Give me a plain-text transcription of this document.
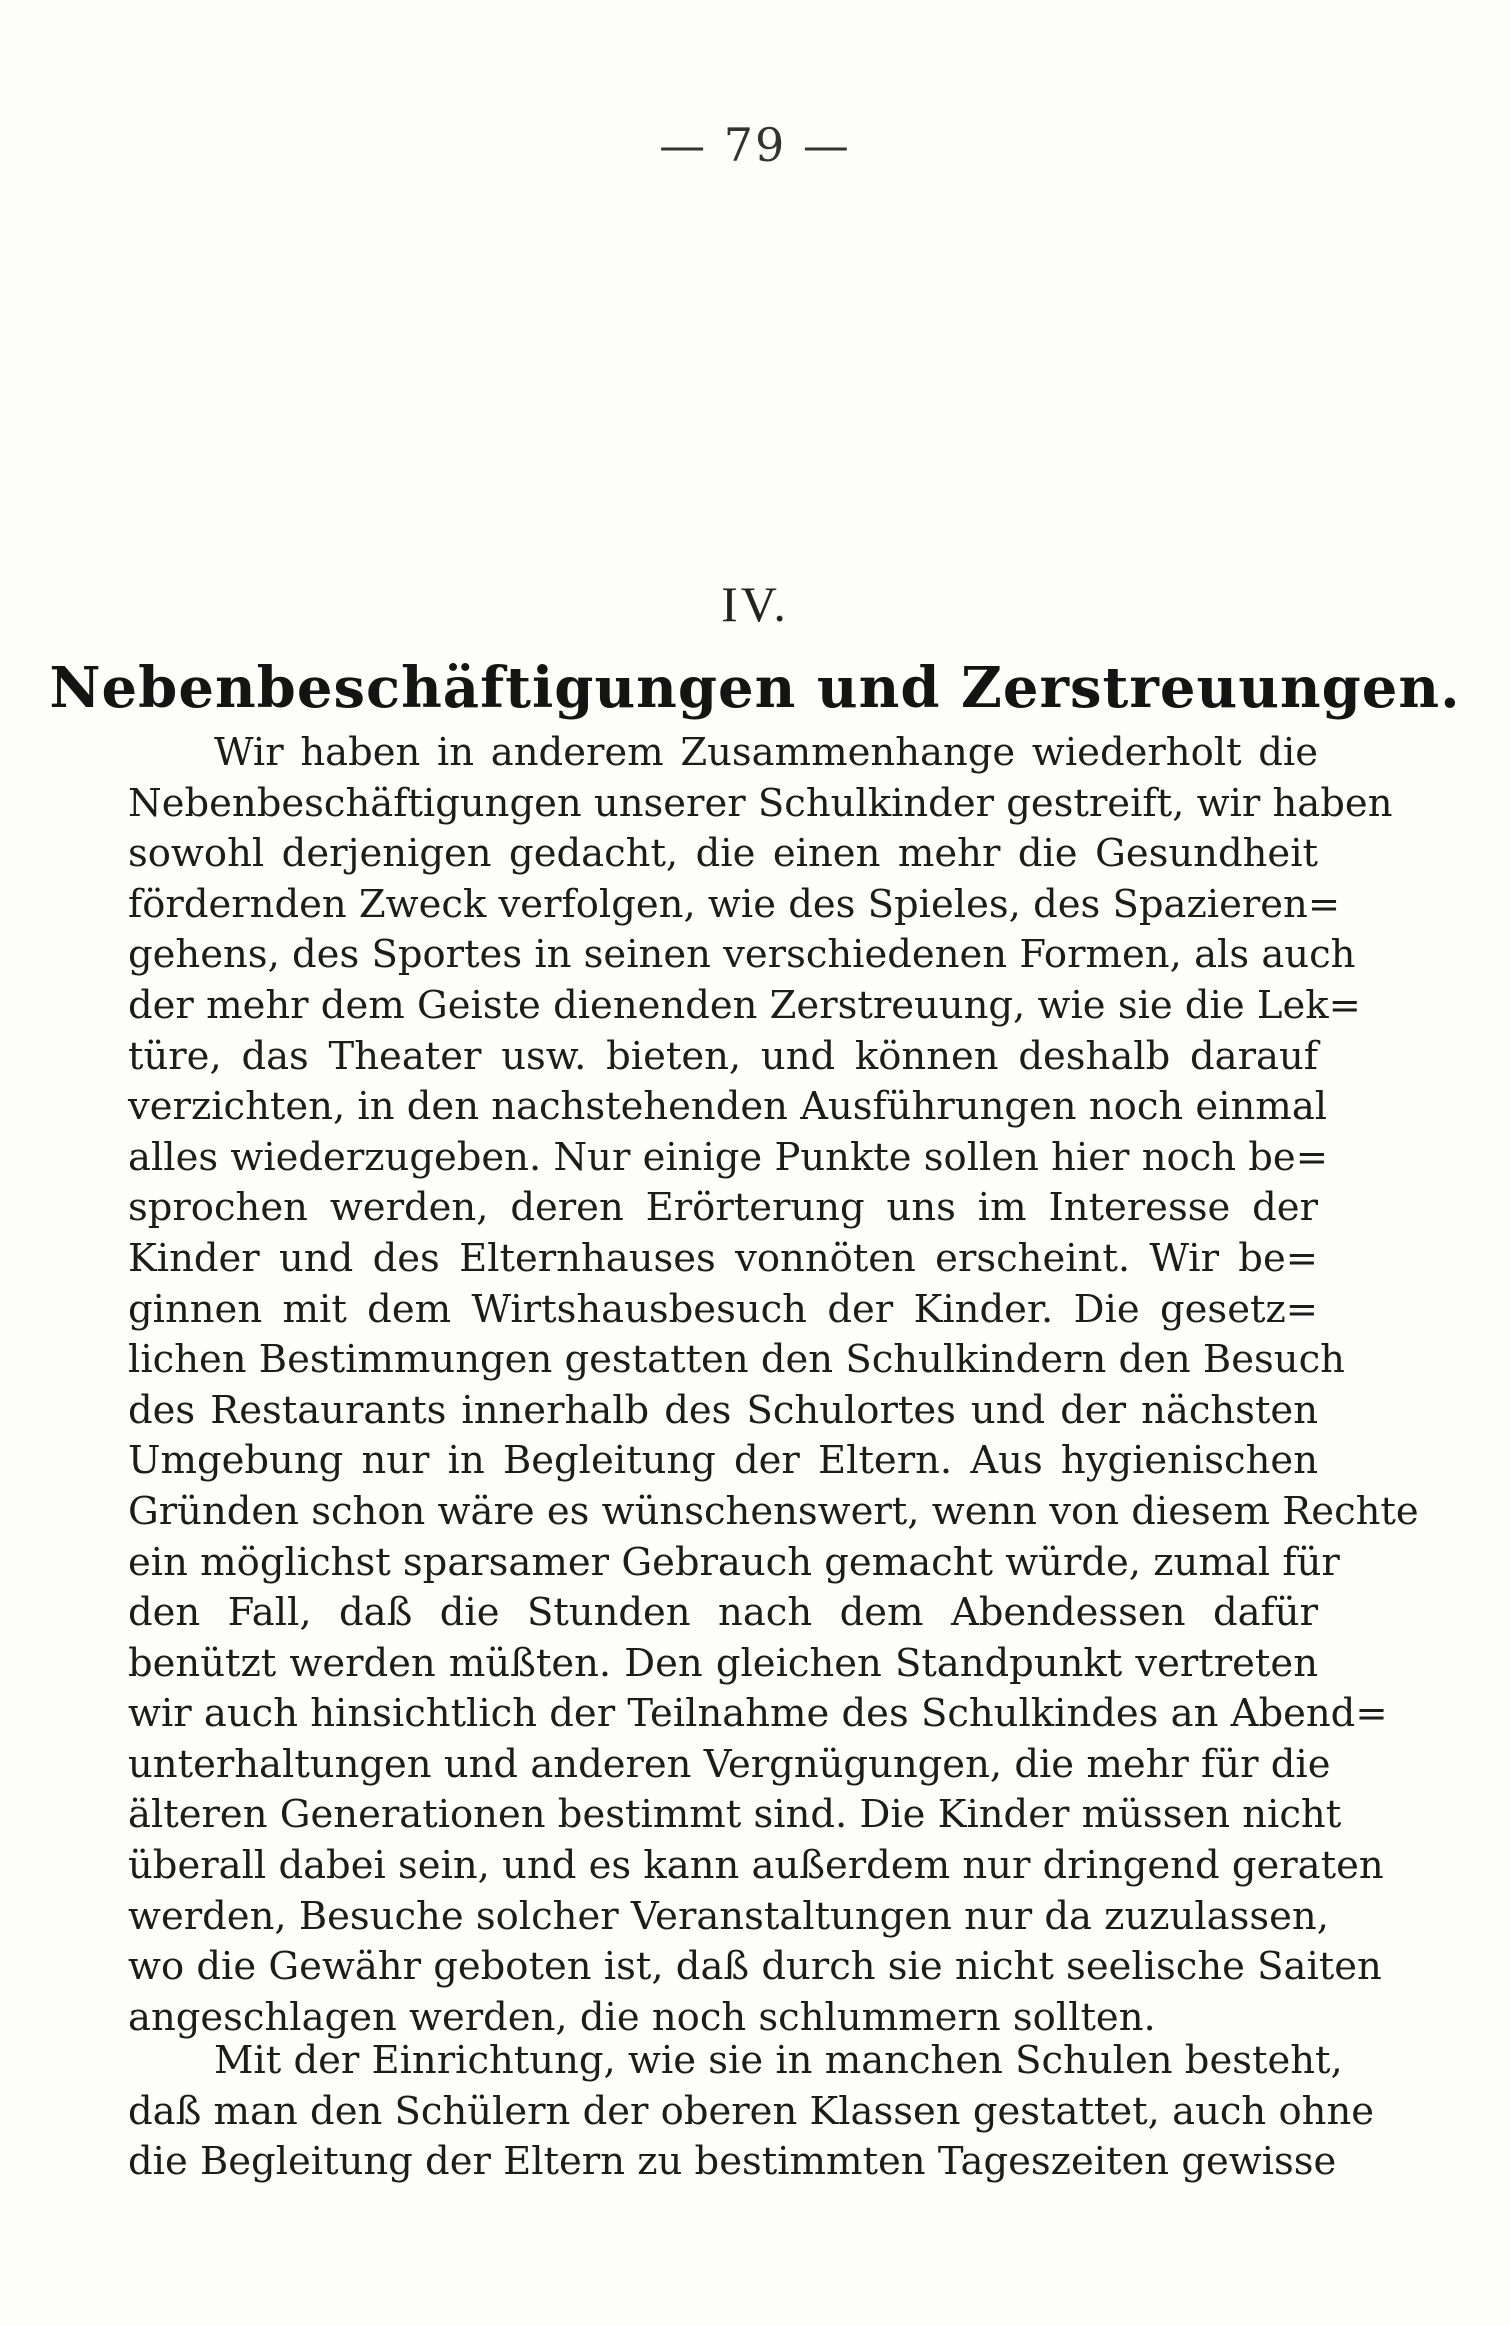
— 79 —
IV.
Nebenbeschäftigungen und Zerstreuungen.
Wir haben in anderem Zusammenhange wiederholt die
Nebenbeschäftigungen unserer Schulkinder gestreift, wir haben
sowohl derjenigen gedacht, die einen mehr die Gesundheit
fördernden Zweck verfolgen, wie des Spieles, des Spazieren=
gehens, des Sportes in seinen verschiedenen Formen, als auch
der mehr dem Geiste dienenden Zerstreuung, wie sie die Lek=
türe, das Theater usw. bieten, und können deshalb darauf
verzichten, in den nachstehenden Ausführungen noch einmal
alles wiederzugeben. Nur einige Punkte sollen hier noch be=
sprochen werden, deren Erörterung uns im Interesse der
Kinder und des Elternhauses vonnöten erscheint. Wir be=
ginnen mit dem Wirtshausbesuch der Kinder. Die gesetz=
lichen Bestimmungen gestatten den Schulkindern den Besuch
des Restaurants innerhalb des Schulortes und der nächsten
Umgebung nur in Begleitung der Eltern. Aus hygienischen
Gründen schon wäre es wünschenswert, wenn von diesem Rechte
ein möglichst sparsamer Gebrauch gemacht würde, zumal für
den Fall, daß die Stunden nach dem Abendessen dafür
benützt werden müßten. Den gleichen Standpunkt vertreten
wir auch hinsichtlich der Teilnahme des Schulkindes an Abend=
unterhaltungen und anderen Vergnügungen, die mehr für die
älteren Generationen bestimmt sind. Die Kinder müssen nicht
überall dabei sein, und es kann außerdem nur dringend geraten
werden, Besuche solcher Veranstaltungen nur da zuzulassen,
wo die Gewähr geboten ist, daß durch sie nicht seelische Saiten
angeschlagen werden, die noch schlummern sollten.
Mit der Einrichtung, wie sie in manchen Schulen besteht,
daß man den Schülern der oberen Klassen gestattet, auch ohne
die Begleitung der Eltern zu bestimmten Tageszeiten gewisse
